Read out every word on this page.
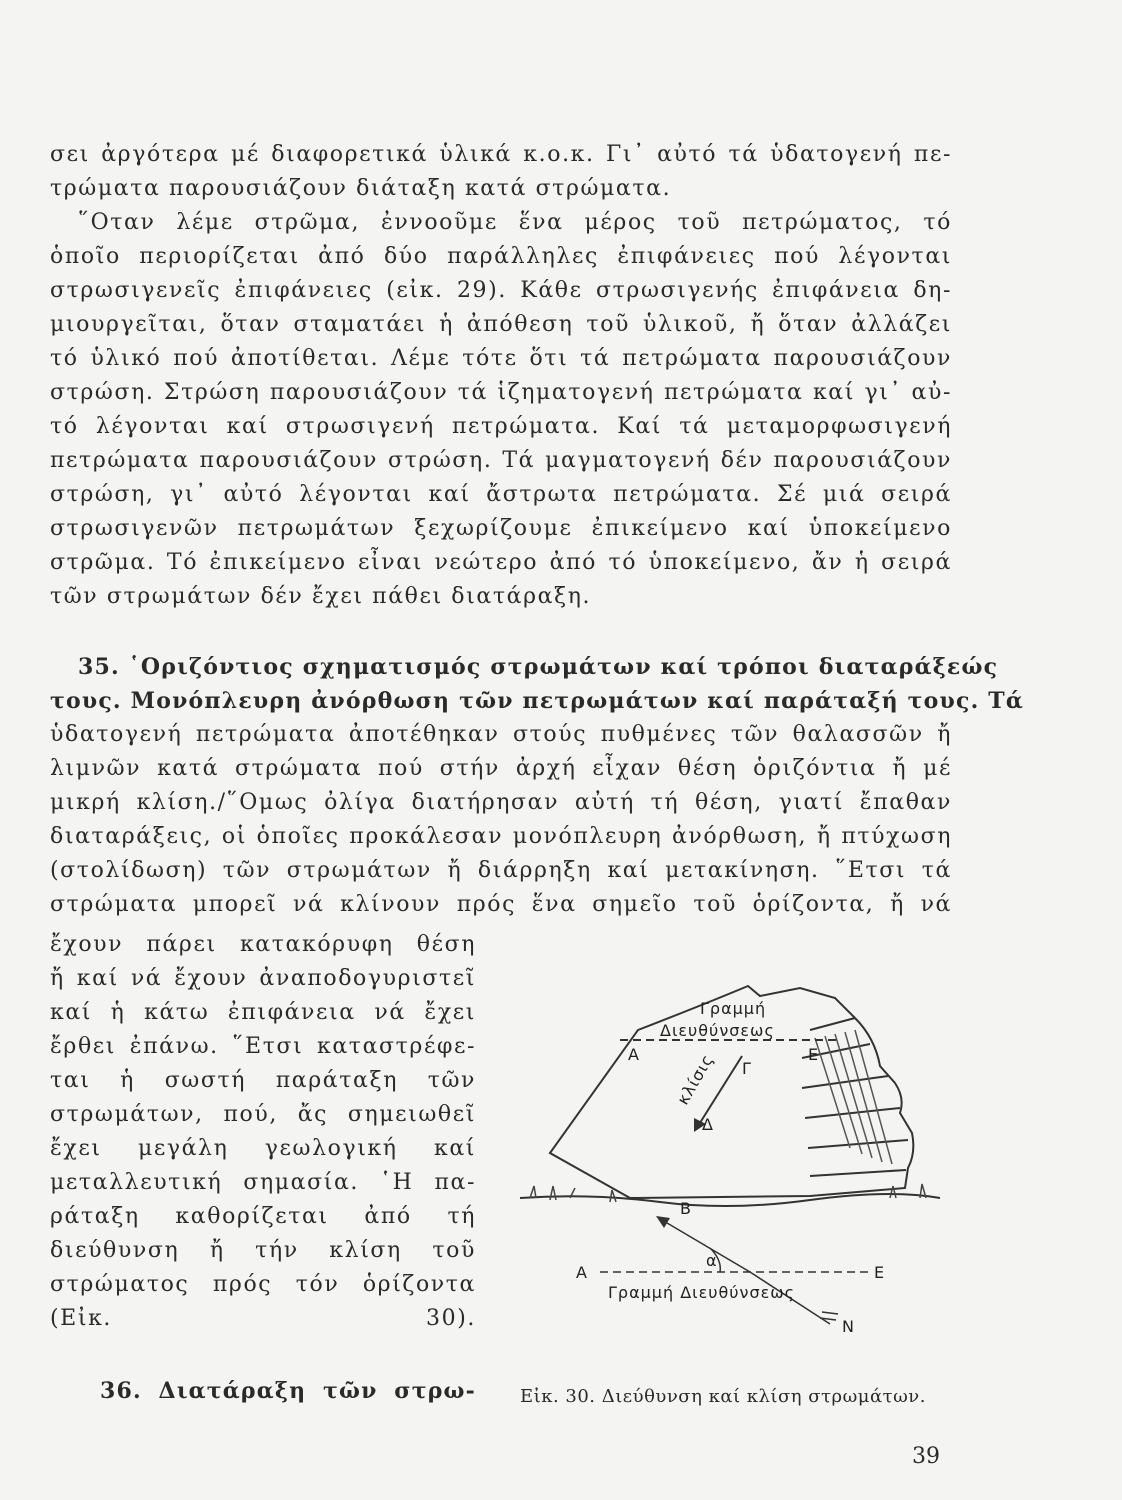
σει ἀργότερα μέ διαφορετικά ὑλικά κ.ο.κ. Γι᾽ αὐτό τά ὑδατογενή πε-
τρώματα παρουσιάζουν διάταξη κατά στρώματα.
῞Οταν λέμε στρῶμα, ἐννοοῦμε ἕνα μέρος τοῦ πετρώματος, τό
ὁποῖο περιορίζεται ἀπό δύο παράλληλες ἐπιφάνειες πού λέγονται
στρωσιγενεῖς ἐπιφάνειες (εἰκ. 29). Κάθε στρωσιγενής ἐπιφάνεια δη-
μιουργεῖται, ὅταν σταματάει ἡ ἀπόθεση τοῦ ὑλικοῦ, ἤ ὅταν ἀλλάζει
τό ὑλικό πού ἀποτίθεται. Λέμε τότε ὅτι τά πετρώματα παρουσιάζουν
στρώση. Στρώση παρουσιάζουν τά ἱζηματογενή πετρώματα καί γι᾽ αὐ-
τό λέγονται καί στρωσιγενή πετρώματα. Καί τά μεταμορφωσιγενή
πετρώματα παρουσιάζουν στρώση. Τά μαγματογενή δέν παρουσιάζουν
στρώση, γι᾽ αὐτό λέγονται καί ἄστρωτα πετρώματα. Σέ μιά σειρά
στρωσιγενῶν πετρωμάτων ξεχωρίζουμε ἐπικείμενο καί ὑποκείμενο
στρῶμα. Τό ἐπικείμενο εἶναι νεώτερο ἀπό τό ὑποκείμενο, ἄν ἡ σειρά
τῶν στρωμάτων δέν ἔχει πάθει διατάραξη.
35. ῾Οριζόντιος σχηματισμός στρωμάτων καί τρόποι διαταράξεώς
τους. Μονόπλευρη ἀνόρθωση τῶν πετρωμάτων καί παράταξή τους. Τά
ὑδατογενή πετρώματα ἀποτέθηκαν στούς πυθμένες τῶν θαλασσῶν ἤ
λιμνῶν κατά στρώματα πού στήν ἀρχή εἶχαν θέση ὁριζόντια ἤ μέ
μικρή κλίση./῞Ομως ὀλίγα διατήρησαν αὐτή τή θέση, γιατί ἔπαθαν
διαταράξεις, οἱ ὁποῖες προκάλεσαν μονόπλευρη ἀνόρθωση, ἤ πτύχωση
(στολίδωση) τῶν στρωμάτων ἤ διάρρηξη καί μετακίνηση. ῞Ετσι τά
στρώματα μπορεῖ νά κλίνουν πρός ἕνα σημεῖο τοῦ ὁρίζοντα, ἤ νά
ἔχουν πάρει κατακόρυφη θέση
ἤ καί νά ἔχουν ἀναποδογυριστεῖ
καί ἡ κάτω ἐπιφάνεια νά ἔχει
ἔρθει ἐπάνω. ῞Ετσι καταστρέφε-
ται ἡ σωστή παράταξη τῶν
στρωμάτων, πού, ἄς σημειωθεῖ
ἔχει μεγάλη γεωλογική καί
μεταλλευτική σημασία. ῾Η πα-
ράταξη καθορίζεται ἀπό τή
διεύθυνση ἤ τήν κλίση τοῦ
στρώματος πρός τόν ὁρίζοντα
(Εἰκ. 30).
Γραμμή
Διευθύνσεως
Α	Ε
Γ
Δ
κλίσις
Β
α
Α	Ε
Γραμμή Διευθύνσεως
Ν
36. Διατάραξη τῶν στρω- Εἰκ. 30. Διεύθυνση καί κλίση στρωμάτων.
39
